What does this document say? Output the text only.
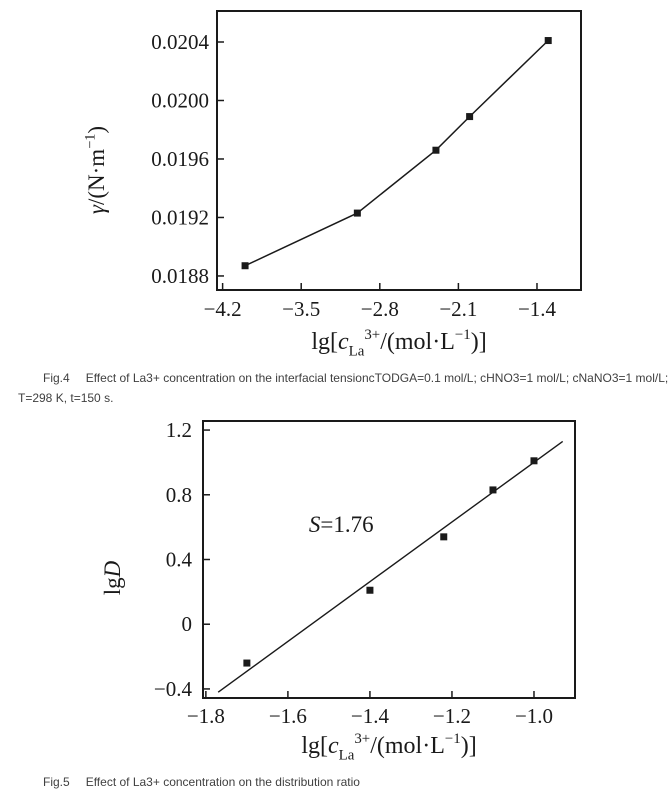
−4.2 −3.5 −2.8 −2.1 −1.4
0.0188
0.0192
0.0196
0.0200
0.0204
$\lg[c_{La}^{3+}/(mol\cdot L^{-1})]$
$\gamma/(N\cdot m^{-1})$
Fig.4 Effect of La3+ concentration on the interfacial tensioncTODGA=0.1 mol/L; cHNO3=1 mol/L; cNaNO3=1 mol/L;
T=298 K, t=150 s.
−1.8 −1.6 −1.4 −1.2 −1.0
−0.4
0
0.4
0.8
1.2
S=1.76
$\lg[c_{La}^{3+}/(mol\cdot L^{-1})]$
lgD
Fig.5 Effect of La3+ concentration on the distribution ratio
